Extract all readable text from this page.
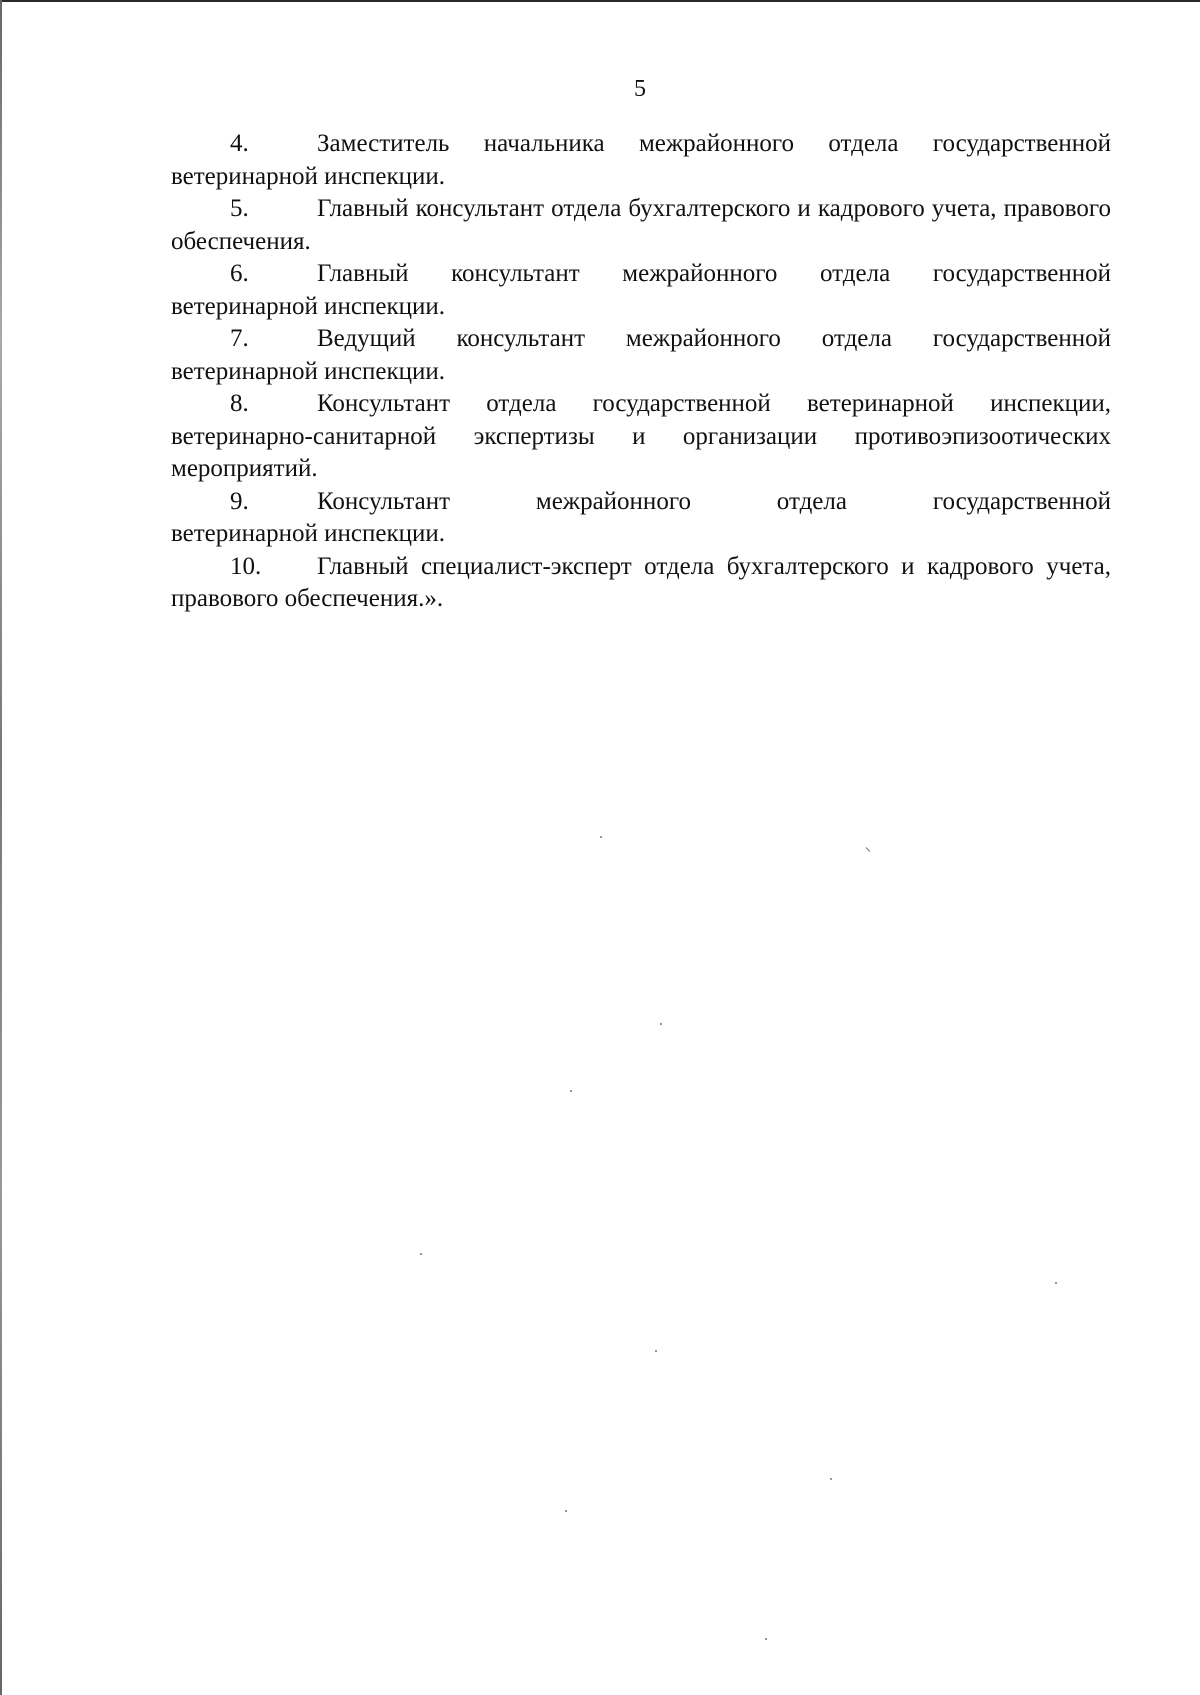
5

4.	Заместитель начальника межрайонного отдела государственной ветеринарной инспекции.

5.	Главный консультант отдела бухгалтерского и кадрового учета, правового обеспечения.

6.	Главный консультант межрайонного отдела государственной ветеринарной инспекции.

7.	Ведущий консультант межрайонного отдела государственной ветеринарной инспекции.

8.	Консультант отдела государственной ветеринарной инспекции, ветеринарно-санитарной экспертизы и организации противоэпизоотических мероприятий.

9.	Консультант межрайонного отдела государственной
ветеринарной инспекции.

10. Главный специалист-эксперт отдела бухгалтерского и кадрового учета, правового обеспечения.».
